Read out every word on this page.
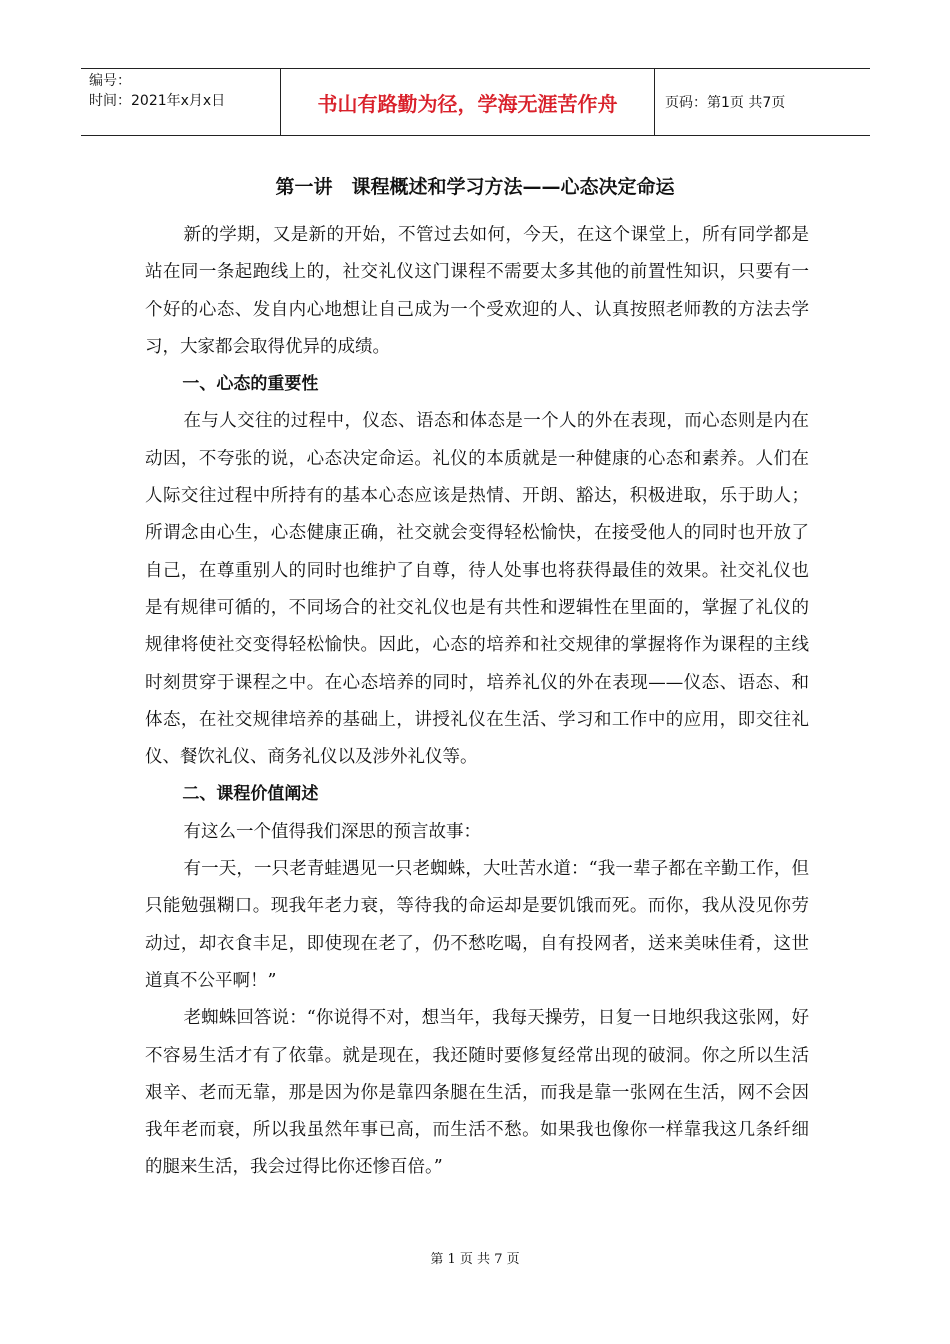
编号：
时间：2021年x月x日	书山有路勤为径，学海无涯苦作舟	页码：第1页 共7页
第一讲　课程概述和学习方法——心态决定命运

新的学期，又是新的开始，不管过去如何，今天，在这个课堂上，所有同学都是站在同一条起跑线上的，社交礼仪这门课程不需要太多其他的前置性知识，只要有一个好的心态、发自内心地想让自己成为一个受欢迎的人、认真按照老师教的方法去学习，大家都会取得优异的成绩。

一、心态的重要性

在与人交往的过程中，仪态、语态和体态是一个人的外在表现，而心态则是内在动因，不夸张的说，心态决定命运。礼仪的本质就是一种健康的心态和素养。人们在人际交往过程中所持有的基本心态应该是热情、开朗、豁达，积极进取，乐于助人；所谓念由心生，心态健康正确，社交就会变得轻松愉快，在接受他人的同时也开放了自己，在尊重别人的同时也维护了自尊，待人处事也将获得最佳的效果。社交礼仪也是有规律可循的，不同场合的社交礼仪也是有共性和逻辑性在里面的，掌握了礼仪的规律将使社交变得轻松愉快。因此，心态的培养和社交规律的掌握将作为课程的主线时刻贯穿于课程之中。在心态培养的同时，培养礼仪的外在表现——仪态、语态、和体态，在社交规律培养的基础上，讲授礼仪在生活、学习和工作中的应用，即交往礼仪、餐饮礼仪、商务礼仪以及涉外礼仪等。

二、课程价值阐述

有这么一个值得我们深思的预言故事：

有一天，一只老青蛙遇见一只老蜘蛛，大吐苦水道：“我一辈子都在辛勤工作，但只能勉强糊口。现我年老力衰，等待我的命运却是要饥饿而死。而你，我从没见你劳动过，却衣食丰足，即使现在老了，仍不愁吃喝，自有投网者，送来美味佳肴，这世道真不公平啊！”

老蜘蛛回答说：“你说得不对，想当年，我每天操劳，日复一日地织我这张网，好不容易生活才有了依靠。就是现在，我还随时要修复经常出现的破洞。你之所以生活艰辛、老而无靠，那是因为你是靠四条腿在生活，而我是靠一张网在生活，网不会因我年老而衰，所以我虽然年事已高，而生活不愁。如果我也像你一样靠我这几条纤细的腿来生活，我会过得比你还惨百倍。”

第 1 页 共 7 页
